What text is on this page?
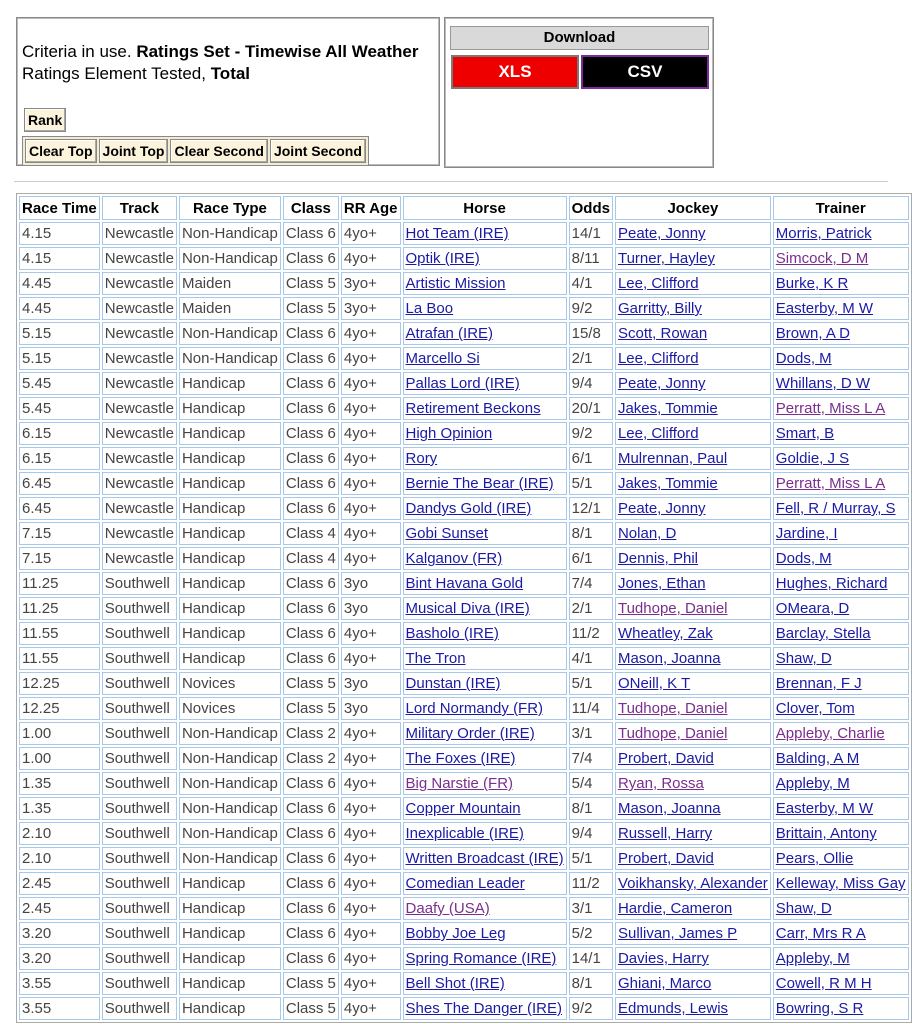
Criteria in use. Ratings Set - Timewise All Weather
Ratings Element Tested, Total
Rank
Clear Top Joint Top Clear Second Joint Second
Download
XLS	CSV
Race Time	Track	Race Type	Class	RR Age	Horse	Odds	Jockey	Trainer
4.15	Newcastle	Non-Handicap	Class 6	4yo+	Hot Team (IRE)	14/1	Peate, Jonny	Morris, Patrick
4.15	Newcastle	Non-Handicap	Class 6	4yo+	Optik (IRE)	8/11	Turner, Hayley	Simcock, D M
4.45	Newcastle	Maiden	Class 5	3yo+	Artistic Mission	4/1	Lee, Clifford	Burke, K R
4.45	Newcastle	Maiden	Class 5	3yo+	La Boo	9/2	Garritty, Billy	Easterby, M W
5.15	Newcastle	Non-Handicap	Class 6	4yo+	Atrafan (IRE)	15/8	Scott, Rowan	Brown, A D
5.15	Newcastle	Non-Handicap	Class 6	4yo+	Marcello Si	2/1	Lee, Clifford	Dods, M
5.45	Newcastle	Handicap	Class 6	4yo+	Pallas Lord (IRE)	9/4	Peate, Jonny	Whillans, D W
5.45	Newcastle	Handicap	Class 6	4yo+	Retirement Beckons	20/1	Jakes, Tommie	Perratt, Miss L A
6.15	Newcastle	Handicap	Class 6	4yo+	High Opinion	9/2	Lee, Clifford	Smart, B
6.15	Newcastle	Handicap	Class 6	4yo+	Rory	6/1	Mulrennan, Paul	Goldie, J S
6.45	Newcastle	Handicap	Class 6	4yo+	Bernie The Bear (IRE)	5/1	Jakes, Tommie	Perratt, Miss L A
6.45	Newcastle	Handicap	Class 6	4yo+	Dandys Gold (IRE)	12/1	Peate, Jonny	Fell, R / Murray, S
7.15	Newcastle	Handicap	Class 4	4yo+	Gobi Sunset	8/1	Nolan, D	Jardine, I
7.15	Newcastle	Handicap	Class 4	4yo+	Kalganov (FR)	6/1	Dennis, Phil	Dods, M
11.25	Southwell	Handicap	Class 6	3yo	Bint Havana Gold	7/4	Jones, Ethan	Hughes, Richard
11.25	Southwell	Handicap	Class 6	3yo	Musical Diva (IRE)	2/1	Tudhope, Daniel	OMeara, D
11.55	Southwell	Handicap	Class 6	4yo+	Basholo (IRE)	11/2	Wheatley, Zak	Barclay, Stella
11.55	Southwell	Handicap	Class 6	4yo+	The Tron	4/1	Mason, Joanna	Shaw, D
12.25	Southwell	Novices	Class 5	3yo	Dunstan (IRE)	5/1	ONeill, K T	Brennan, F J
12.25	Southwell	Novices	Class 5	3yo	Lord Normandy (FR)	11/4	Tudhope, Daniel	Clover, Tom
1.00	Southwell	Non-Handicap	Class 2	4yo+	Military Order (IRE)	3/1	Tudhope, Daniel	Appleby, Charlie
1.00	Southwell	Non-Handicap	Class 2	4yo+	The Foxes (IRE)	7/4	Probert, David	Balding, A M
1.35	Southwell	Non-Handicap	Class 6	4yo+	Big Narstie (FR)	5/4	Ryan, Rossa	Appleby, M
1.35	Southwell	Non-Handicap	Class 6	4yo+	Copper Mountain	8/1	Mason, Joanna	Easterby, M W
2.10	Southwell	Non-Handicap	Class 6	4yo+	Inexplicable (IRE)	9/4	Russell, Harry	Brittain, Antony
2.10	Southwell	Non-Handicap	Class 6	4yo+	Written Broadcast (IRE)	5/1	Probert, David	Pears, Ollie
2.45	Southwell	Handicap	Class 6	4yo+	Comedian Leader	11/2	Voikhansky, Alexander	Kelleway, Miss Gay
2.45	Southwell	Handicap	Class 6	4yo+	Daafy (USA)	3/1	Hardie, Cameron	Shaw, D
3.20	Southwell	Handicap	Class 6	4yo+	Bobby Joe Leg	5/2	Sullivan, James P	Carr, Mrs R A
3.20	Southwell	Handicap	Class 6	4yo+	Spring Romance (IRE)	14/1	Davies, Harry	Appleby, M
3.55	Southwell	Handicap	Class 5	4yo+	Bell Shot (IRE)	8/1	Ghiani, Marco	Cowell, R M H
3.55	Southwell	Handicap	Class 5	4yo+	Shes The Danger (IRE)	9/2	Edmunds, Lewis	Bowring, S R
